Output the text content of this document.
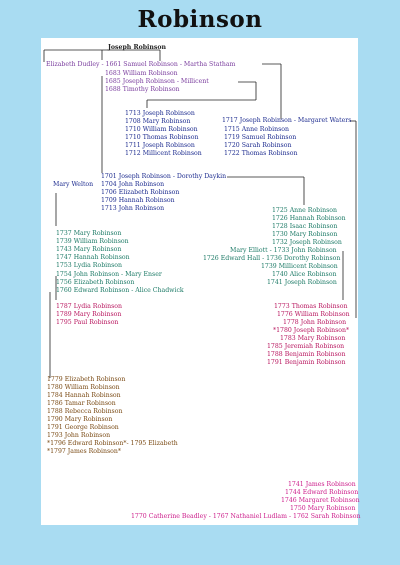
Robinson
Joseph Robinson
Elizabeth Dudley - 1661 Samuel Robinson - Martha Statham
1683 William Robinson
1685 Joseph Robinson - Millicent
1688 Timothy Robinson
1713 Joseph Robinson
1708 Mary Robinson
1710 William Robinson
1710 Thomas Robinson
1711 Joseph Robinson
1712 Millicent Robinson
1717 Joseph Robinson - Margaret Waters
1715 Anne Robinson
1719 Samuel Robinson
1720 Sarah Robinson
1722 Thomas Robinson
1701 Joseph Robinson - Dorothy Daykin
Mary Welton 1704 John Robinson
1706 Elizabeth Robinson
1709 Hannah Robinson
1713 John Robinson
1737 Mary Robinson
1739 William Robinson
1743 Mary Robinson
1747 Hannah Robinson
1753 Lydia Robinson
1754 John Robinson - Mary Enser
1756 Elizabeth Robinson
1760 Edward Robinson - Alice Chadwick
1725 Anne Robinson
1726 Hannah Robinson
1728 Isaac Robinson
1730 Mary Robinson
1732 Joseph Robinson
Mary Elliott - 1733 John Robinson
1726 Edward Hall - 1736 Dorothy Robinson
1739 Millicent Robinson
1740 Alice Robinson
1741 Joseph Robinson
1787 Lydia Robinson
1789 Mary Robinson
1795 Paul Robinson
1773 Thomas Robinson
1776 William Robinson
1778 John Robinson
*1780 Joseph Robinson*
1783 Mary Robinson
1785 Jeremiah Robinson
1788 Benjamin Robinson
1791 Benjamin Robinson
1779 Elizabeth Robinson
1780 William Robinson
1784 Hannah Robinson
1786 Tamar Robinson
1788 Rebecca Robinson
1790 Mary Robinson
1791 George Robinson
1793 John Robinson
*1796 Edward Robinson*- 1795 Elizabeth
*1797 James Robinson*
1741 James Robinson
1744 Edward Robinson
1746 Margaret Robinson
1750 Mary Robinson
1770 Catherine Beadley - 1767 Nathaniel Ludlam - 1762 Sarah Robinson
